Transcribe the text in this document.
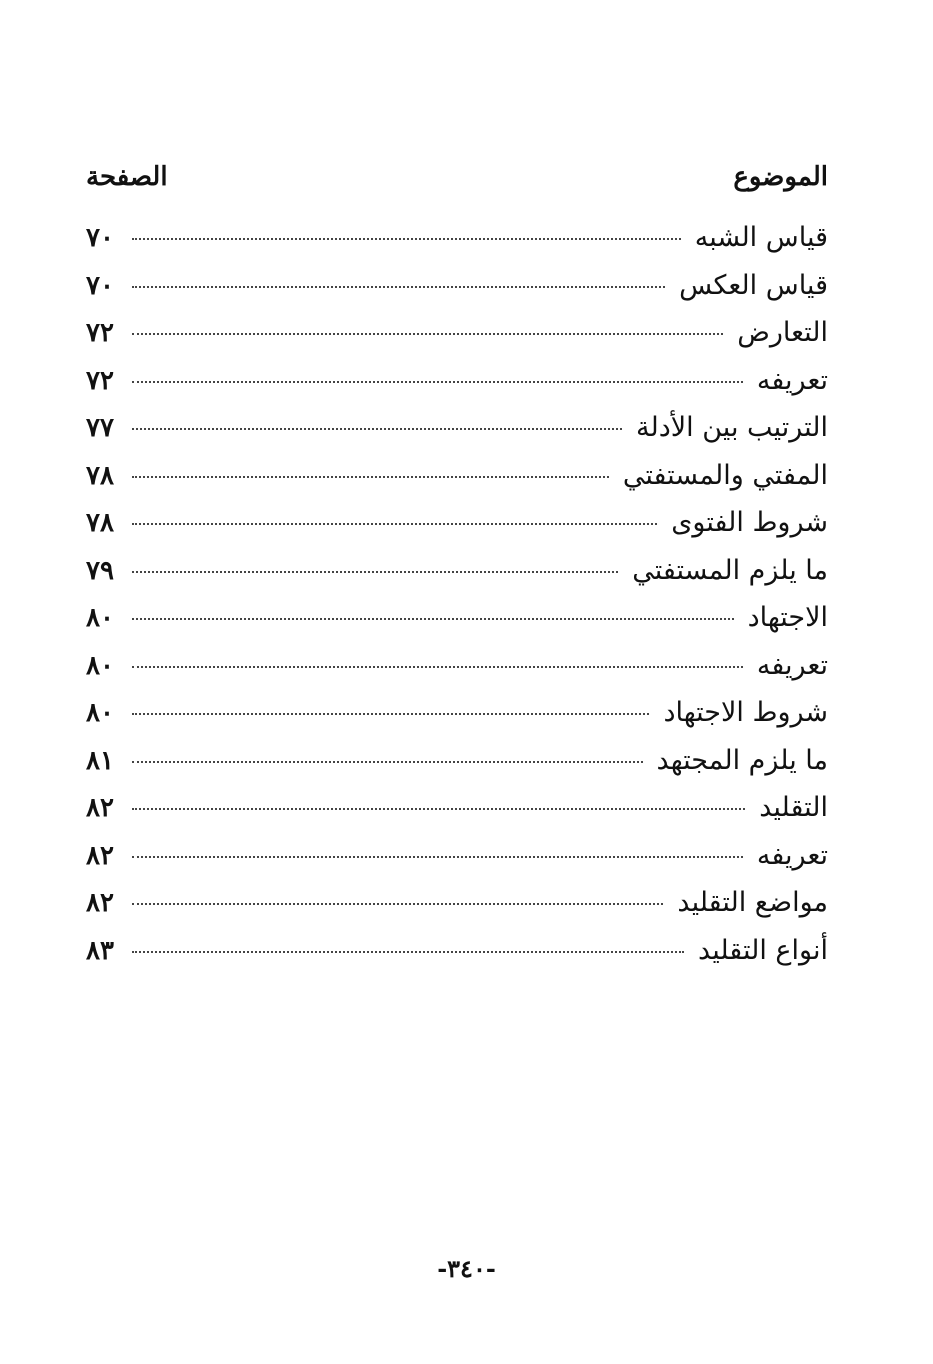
الموضوع
الصفحة
قياس الشبه
٧٠
قياس العكس
٧٠
التعارض
٧٢
تعريفه
٧٢
الترتيب بين الأدلة
٧٧
المفتي والمستفتي
٧٨
شروط الفتوى
٧٨
ما يلزم المستفتي
٧٩
الاجتهاد
٨٠
تعريفه
٨٠
شروط الاجتهاد
٨٠
ما يلزم المجتهد
٨١
التقليد
٨٢
تعريفه
٨٢
مواضع التقليد
٨٢
أنواع التقليد
٨٣
-٣٤٠-
